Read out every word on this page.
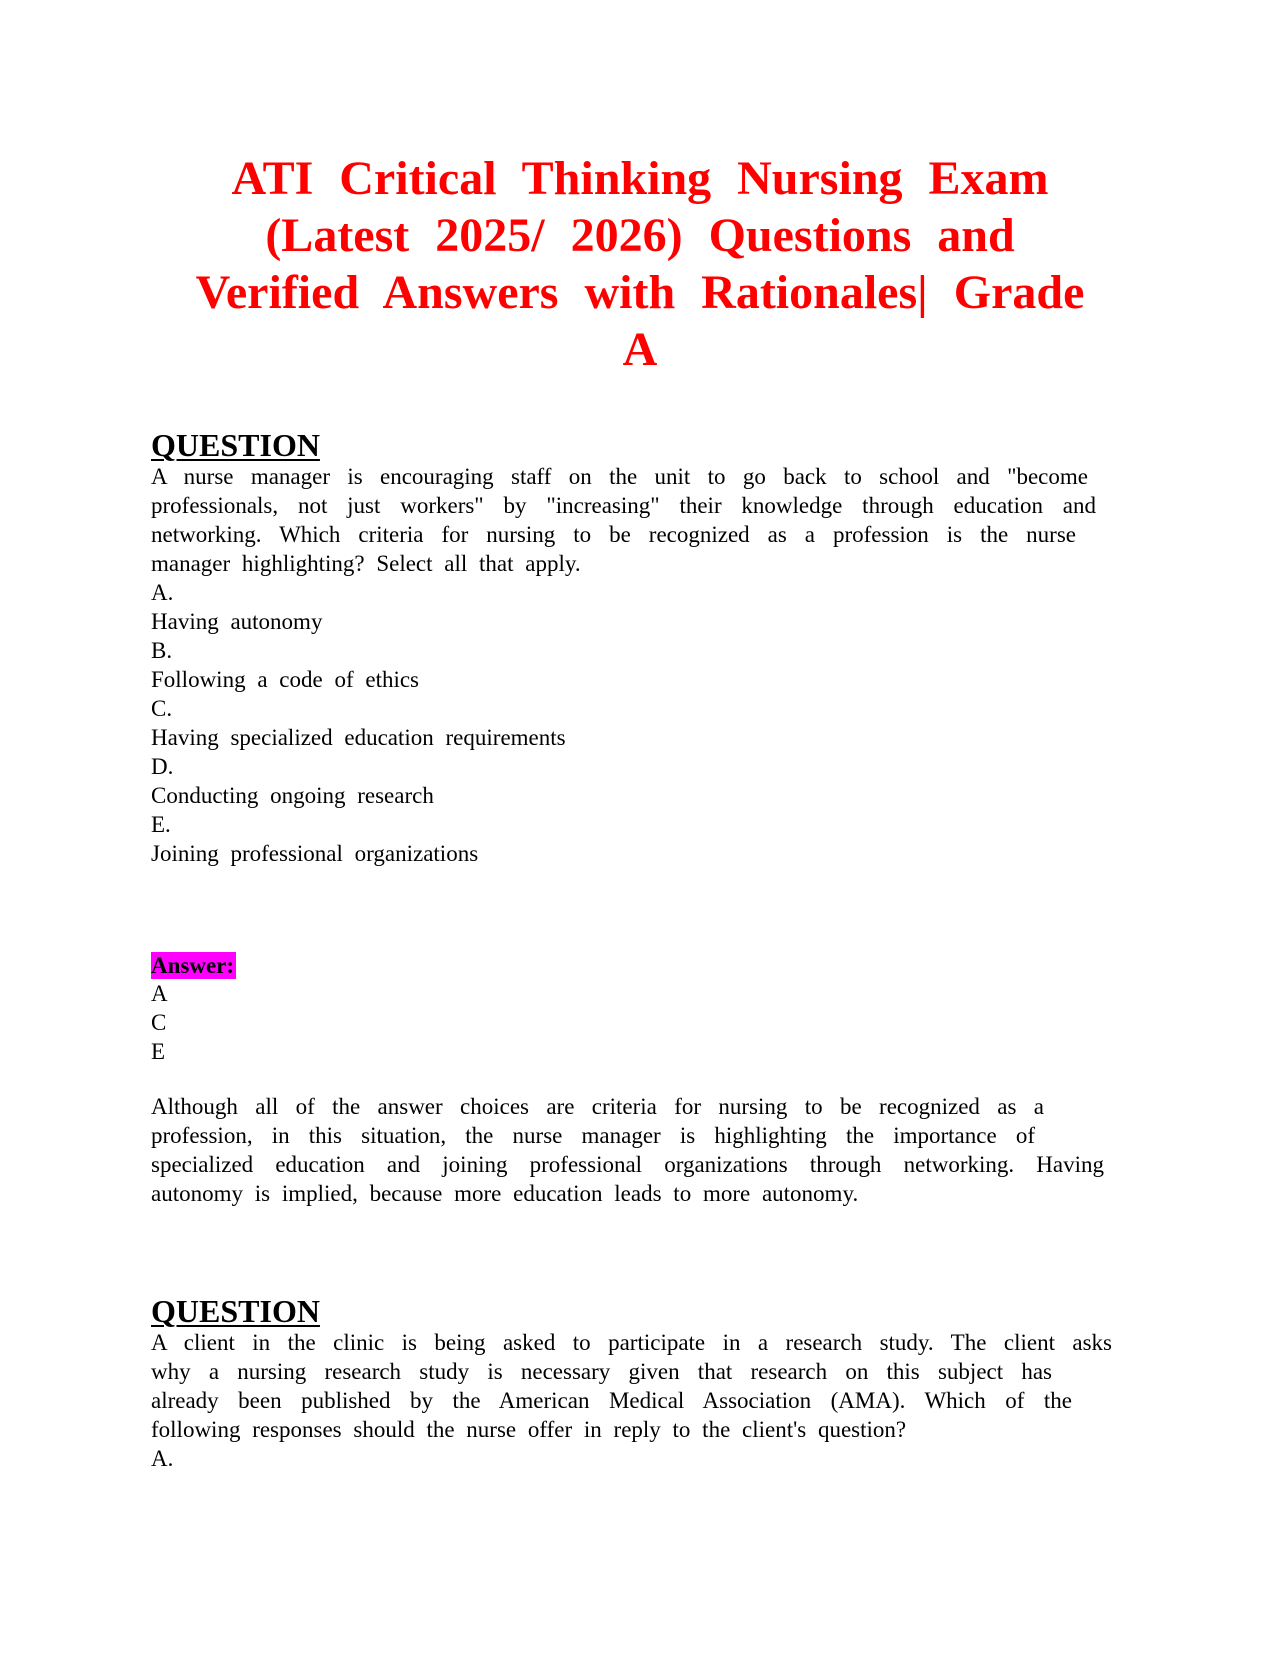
ATI Critical Thinking Nursing Exam
(Latest 2025/ 2026) Questions and
Verified Answers with Rationales| Grade
A
QUESTION
A nurse manager is encouraging staff on the unit to go back to school and "become
professionals, not just workers" by "increasing" their knowledge through education and
networking. Which criteria for nursing to be recognized as a profession is the nurse
manager highlighting? Select all that apply.
A.
Having autonomy
B.
Following a code of ethics
C.
Having specialized education requirements
D.
Conducting ongoing research
E.
Joining professional organizations
Answer:
A
C
E
Although all of the answer choices are criteria for nursing to be recognized as a
profession, in this situation, the nurse manager is highlighting the importance of
specialized education and joining professional organizations through networking. Having
autonomy is implied, because more education leads to more autonomy.
QUESTION
A client in the clinic is being asked to participate in a research study. The client asks
why a nursing research study is necessary given that research on this subject has
already been published by the American Medical Association (AMA). Which of the
following responses should the nurse offer in reply to the client's question?
A.
